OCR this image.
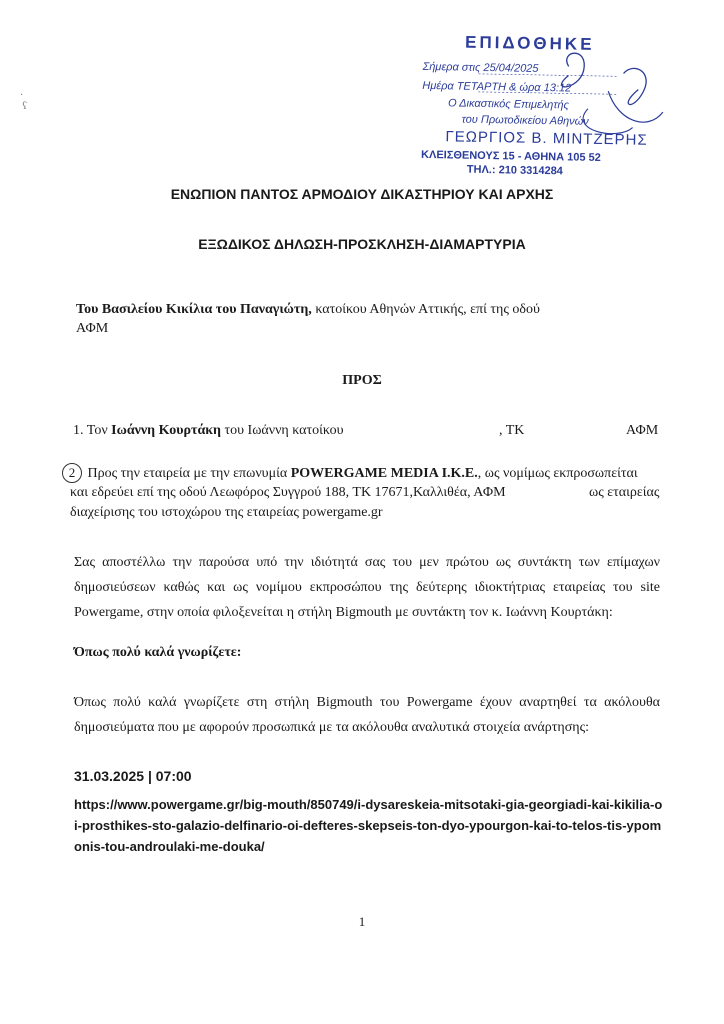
ΕΠΙΔΟΘΗΚΕ
Σήμερα στις 25/04/2025
Ημέρα ΤΕΤΑΡΤΗ & ώρα 13:12
Ο Δικαστικός Επιμελητής
του Πρωτοδικείου Αθηνών
ΓΕΩΡΓΙΟΣ Β. ΜΙΝΤΖΕΡΗΣ
ΚΛΕΙΣΘΕΝΟΥΣ 15 - ΑΘΗΝΑ 105 52
ΤΗΛ.: 210 3314284
·
ʕ
ΕΝΩΠΙΟΝ ΠΑΝΤΟΣ ΑΡΜΟΔΙΟΥ ΔΙΚΑΣΤΗΡΙΟΥ ΚΑΙ ΑΡΧΗΣ
ΕΞΩΔΙΚΟΣ ΔΗΛΩΣΗ-ΠΡΟΣΚΛΗΣΗ-ΔΙΑΜΑΡΤΥΡΙΑ
Του Βασιλείου Κικίλια του Παναγιώτη, κατοίκου Αθηνών Αττικής, επί της οδού
ΑΦΜ
ΠΡΟΣ
1. Τον Ιωάννη Κουρτάκη του Ιωάννη κατοίκου	, ΤΚ	ΑΦΜ
2 Προς την εταιρεία με την επωνυμία POWERGAME MEDIA I.K.E., ως νομίμως εκπροσωπείται
και εδρεύει επί της οδού Λεωφόρος Συγγρού 188, ΤΚ 17671,Καλλιθέα, ΑΦΜ	ως εταιρείας
διαχείρισης του ιστοχώρου της εταιρείας powergame.gr
Σας αποστέλλω την παρούσα υπό την ιδιότητά σας του μεν πρώτου ως συντάκτη των επίμαχων δημοσιεύσεων καθώς και ως νομίμου εκπροσώπου της δεύτερης ιδιοκτήτριας εταιρείας του site Powergame, στην οποία φιλοξενείται η στήλη Bigmouth με συντάκτη τον κ. Ιωάννη Κουρτάκη:
Όπως πολύ καλά γνωρίζετε:
Όπως πολύ καλά γνωρίζετε στη στήλη Bigmouth του Powergame έχουν αναρτηθεί τα ακόλουθα δημοσιεύματα που με αφορούν προσωπικά με τα ακόλουθα αναλυτικά στοιχεία ανάρτησης:
31.03.2025 | 07:00
https://www.powergame.gr/big-mouth/850749/i-dysareskeia-mitsotaki-gia-georgiadi-kai-kikilia-oi-prosthikes-sto-galazio-delfinario-oi-defteres-skepseis-ton-dyo-ypourgon-kai-to-telos-tis-ypomonis-tou-androulaki-me-douka/
1
